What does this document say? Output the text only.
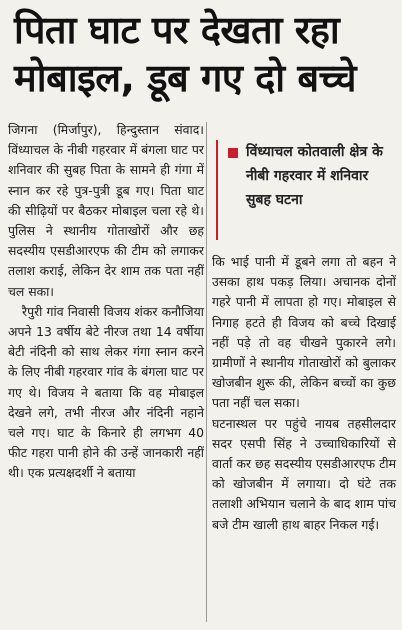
पिता घाट पर देखता रहा
मोबाइल, डूब गए दो बच्चे

जिगना (मिर्जापुर), हिन्दुस्तान संवाद। विंध्याचल के नीबी गहरवार में बंगला घाट पर शनिवार की सुबह पिता के सामने ही गंगा में स्नान कर रहे पुत्र-पुत्री डूब गए। पिता घाट की सीढ़ियों पर बैठकर मोबाइल चला रहे थे। पुलिस ने स्थानीय गोताखोरों और छह सदस्यीय एसडीआरएफ की टीम को लगाकर तलाश कराई, लेकिन देर शाम तक पता नहीं चल सका।

रैपुरी गांव निवासी विजय शंकर कनौजिया अपने 13 वर्षीय बेटे नीरज तथा 14 वर्षीया बेटी नंदिनी को साथ लेकर गंगा स्नान करने के लिए नीबी गहरवार गांव के बंगला घाट पर गए थे। विजय ने बताया कि वह मोबाइल देखने लगे, तभी नीरज और नंदिनी नहाने चले गए। घाट के किनारे ही लगभग 40 फीट गहरा पानी होने की उन्हें जानकारी नहीं थी। एक प्रत्यक्षदर्शी ने बताया

विंध्याचल कोतवाली क्षेत्र के नीबी गहरवार में शनिवार सुबह घटना

कि भाई पानी में डूबने लगा तो बहन ने उसका हाथ पकड़ लिया। अचानक दोनों गहरे पानी में लापता हो गए। मोबाइल से निगाह हटते ही विजय को बच्चे दिखाई नहीं पड़े तो वह चीखने पुकारने लगे। ग्रामीणों ने स्थानीय गोताखोरों को बुलाकर खोजबीन शुरू की, लेकिन बच्चों का कुछ पता नहीं चल सका।

घटनास्थल पर पहुंचे नायब तहसीलदार सदर एसपी सिंह ने उच्चाधिकारियों से वार्ता कर छह सदस्यीय एसडीआरएफ टीम को खोजबीन में लगाया। दो घंटे तक तलाशी अभियान चलाने के बाद शाम पांच बजे टीम खाली हाथ बाहर निकल गई।
